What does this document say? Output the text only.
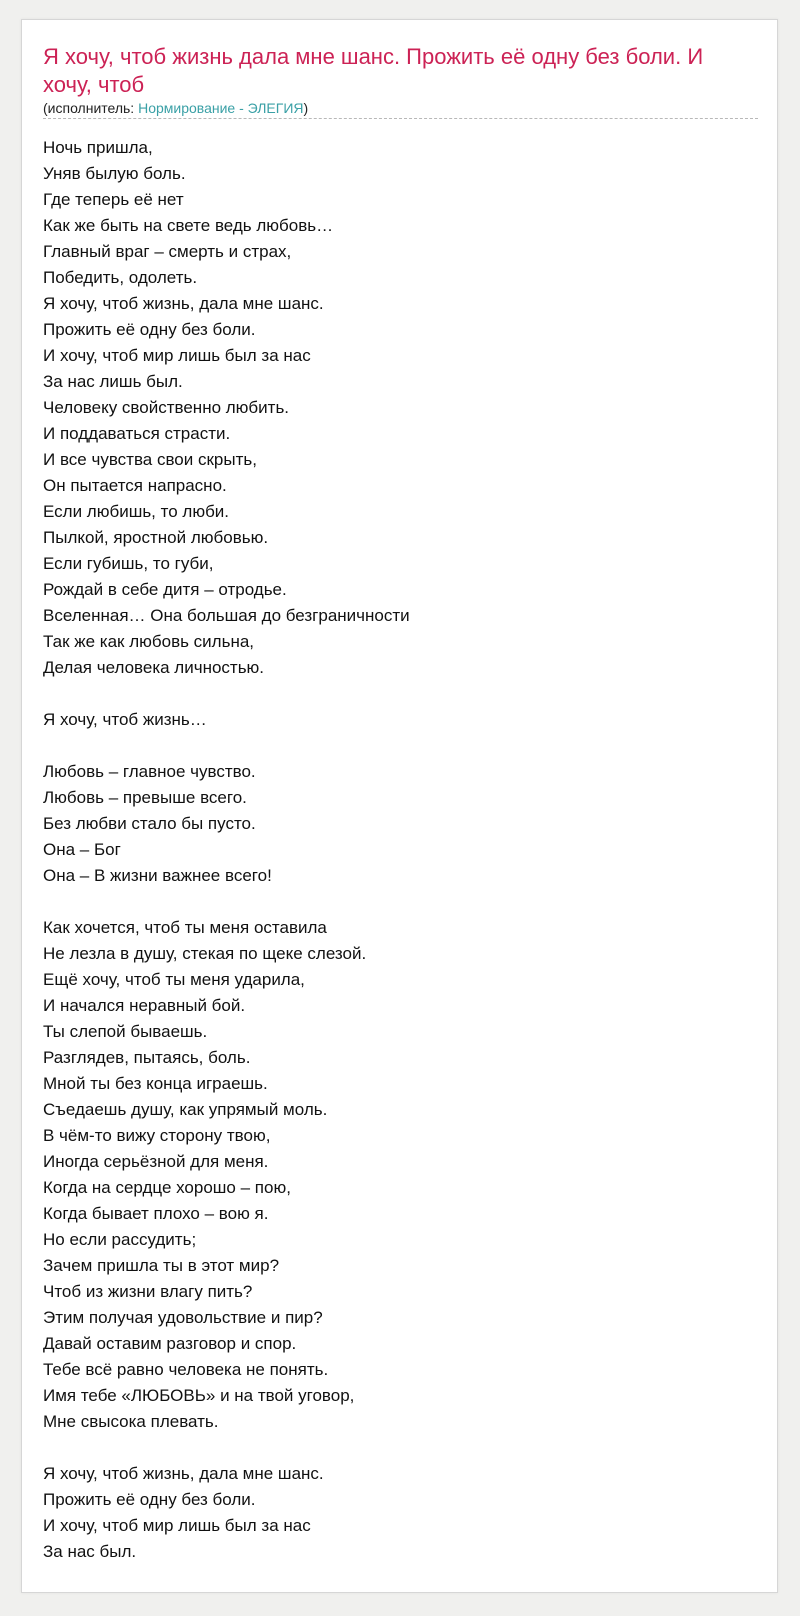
Я хочу, чтоб жизнь дала мне шанс. Прожить её одну без боли. И хочу, чтоб
(исполнитель: Нормирование - ЭЛЕГИЯ)
Ночь пришла,
Уняв былую боль.
Где теперь её нет
Как же быть на свете ведь любовь…
Главный враг – смерть и страх,
Победить, одолеть.
Я хочу, чтоб жизнь, дала мне шанс.
Прожить её одну без боли.
И хочу, чтоб мир лишь был за нас
За нас лишь был.
Человеку свойственно любить.
И поддаваться страсти.
И все чувства свои скрыть,
Он пытается напрасно.
Если любишь, то люби.
Пылкой, яростной любовью.
Если губишь, то губи,
Рождай в себе дитя – отродье.
Вселенная… Она большая до безграничности
Так же как любовь сильна,
Делая человека личностью.
Я хочу, чтоб жизнь…
Любовь – главное чувство.
Любовь – превыше всего.
Без любви стало бы пусто.
Она – Бог
Она – В жизни важнее всего!
Как хочется, чтоб ты меня оставила
Не лезла в душу, стекая по щеке слезой.
Ещё хочу, чтоб ты меня ударила,
И начался неравный бой.
Ты слепой бываешь.
Разглядев, пытаясь, боль.
Мной ты без конца играешь.
Съедаешь душу, как упрямый моль.
В чём-то вижу сторону твою,
Иногда серьёзной для меня.
Когда на сердце хорошо – пою,
Когда бывает плохо – вою я.
Но если рассудить;
Зачем пришла ты в этот мир?
Чтоб из жизни влагу пить?
Этим получая удовольствие и пир?
Давай оставим разговор и спор.
Тебе всё равно человека не понять.
Имя тебе «ЛЮБОВЬ» и на твой уговор,
Мне свысока плевать.
Я хочу, чтоб жизнь, дала мне шанс.
Прожить её одну без боли.
И хочу, чтоб мир лишь был за нас
За нас был.
